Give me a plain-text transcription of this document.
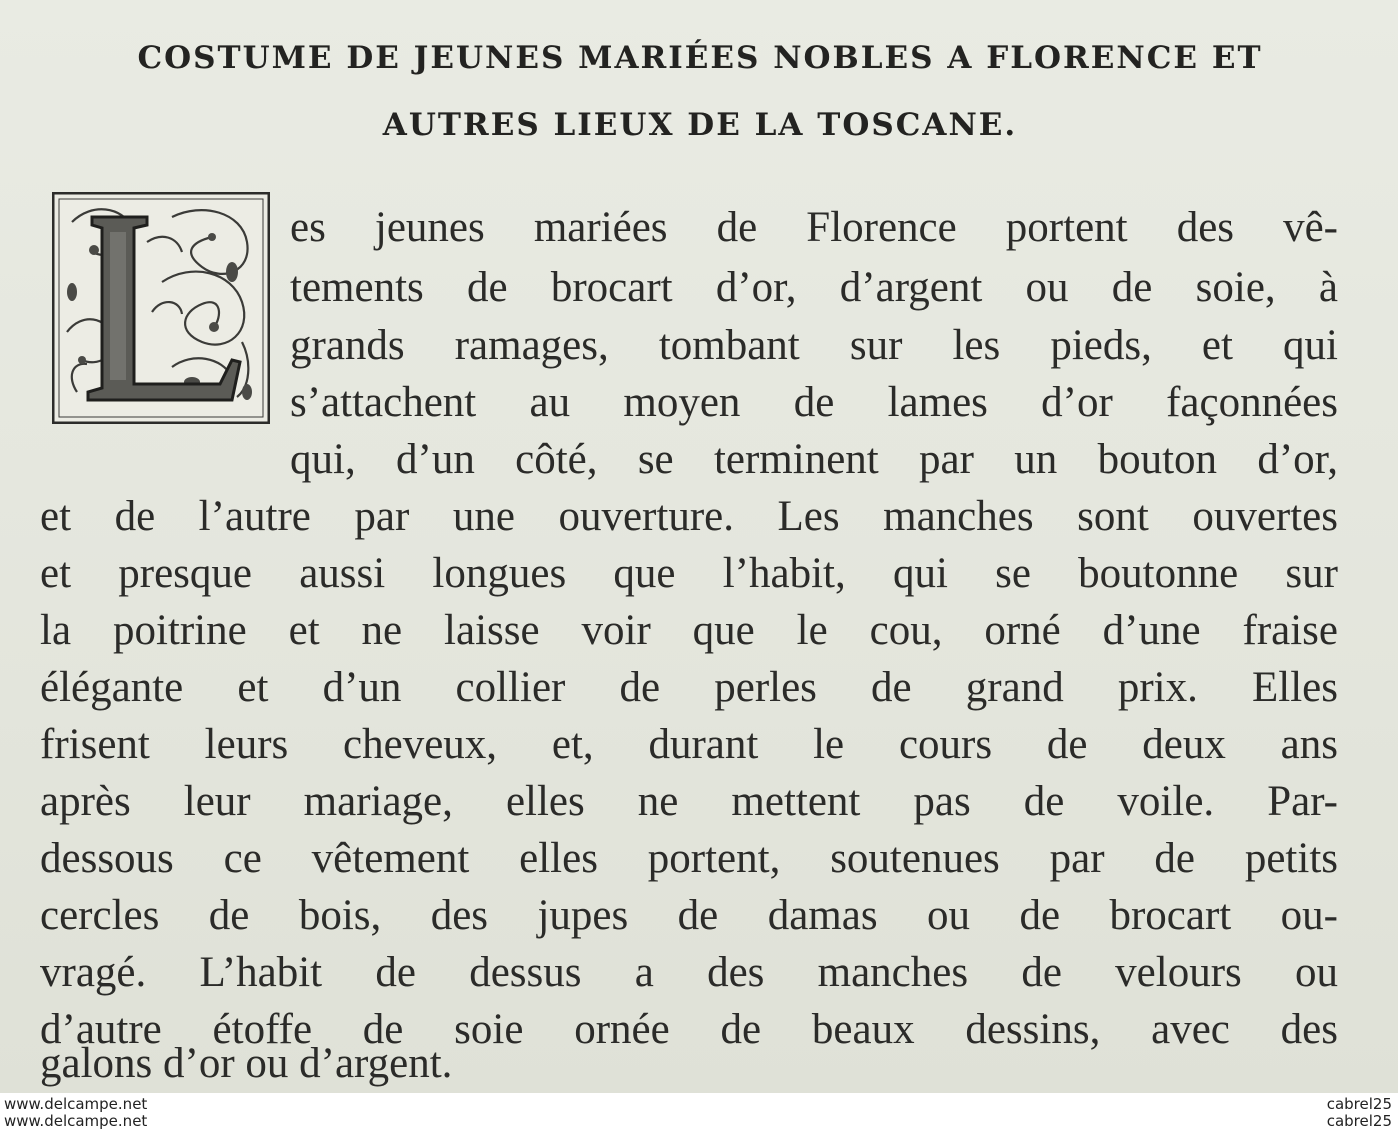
COSTUME DE JEUNES MARIÉES NOBLES A FLORENCE ET
AUTRES LIEUX DE LA TOSCANE.
es jeunes mariées de Florence portent des vê-
tements de brocart d’or, d’argent ou de soie, à
grands ramages, tombant sur les pieds, et qui
s’attachent au moyen de lames d’or façonnées
qui, d’un côté, se terminent par un bouton d’or,
et de l’autre par une ouverture. Les manches sont ouvertes
et presque aussi longues que l’habit, qui se boutonne sur
la poitrine et ne laisse voir que le cou, orné d’une fraise
élégante et d’un collier de perles de grand prix. Elles
frisent leurs cheveux, et, durant le cours de deux ans
après leur mariage, elles ne mettent pas de voile. Par-
dessous ce vêtement elles portent, soutenues par de petits
cercles de bois, des jupes de damas ou de brocart ou-
vragé. L’habit de dessus a des manches de velours ou
d’autre étoffe de soie ornée de beaux dessins, avec des
galons d’or ou d’argent.
www.delcampe.net
www.delcampe.net
cabrel25
cabrel25
